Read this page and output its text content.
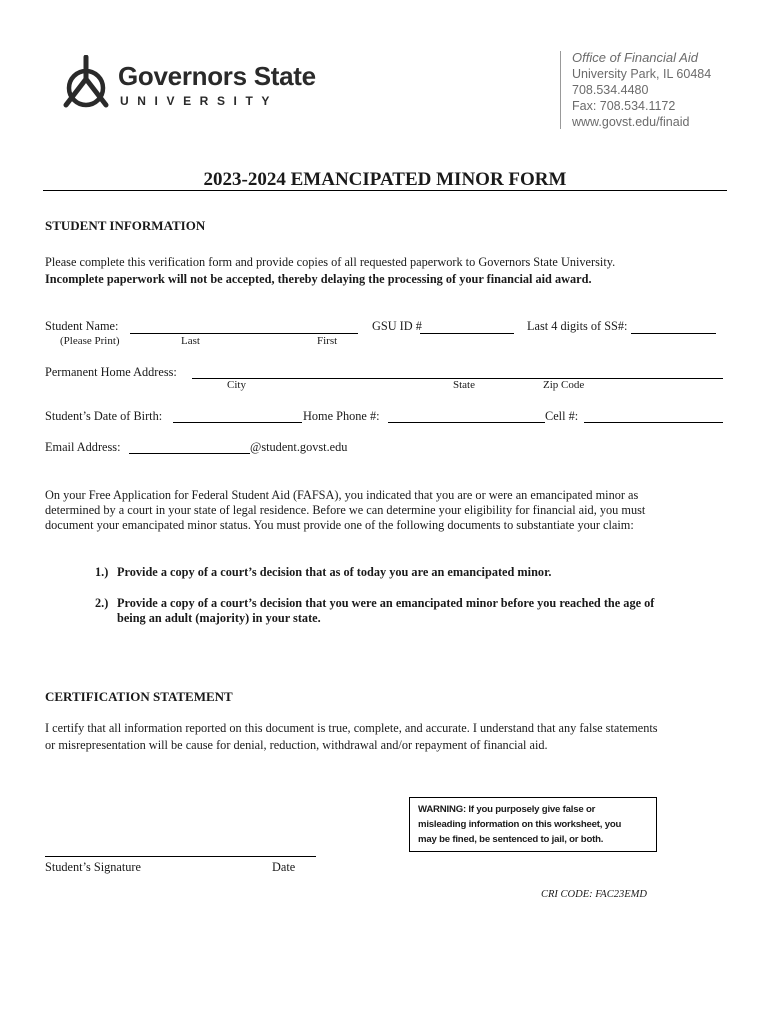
Governors State
UNIVERSITY
Office of Financial Aid
University Park, IL 60484
708.534.4480
Fax: 708.534.1172
www.govst.edu/finaid
2023-2024 EMANCIPATED MINOR FORM
STUDENT INFORMATION
Please complete this verification form and provide copies of all requested paperwork to Governors State University.
Incomplete paperwork will not be accepted, thereby delaying the processing of your financial aid award.
Student Name:	GSU ID #	Last 4 digits of SS#:
(Please Print)	Last	First
Permanent Home Address:
City	State	Zip Code
Student’s Date of Birth:	Home Phone #:	Cell #:
Email Address:	@student.govst.edu
On your Free Application for Federal Student Aid (FAFSA), you indicated that you are or were an emancipated minor as
determined by a court in your state of legal residence. Before we can determine your eligibility for financial aid, you must
document your emancipated minor status. You must provide one of the following documents to substantiate your claim:
1.) Provide a copy of a court’s decision that as of today you are an emancipated minor.
2.) Provide a copy of a court’s decision that you were an emancipated minor before you reached the age of
being an adult (majority) in your state.
CERTIFICATION STATEMENT
I certify that all information reported on this document is true, complete, and accurate. I understand that any false statements
or misrepresentation will be cause for denial, reduction, withdrawal and/or repayment of financial aid.
WARNING: If you purposely give false or
misleading information on this worksheet, you
may be fined, be sentenced to jail, or both.
Student’s Signature	Date
CRI CODE: FAC23EMD
